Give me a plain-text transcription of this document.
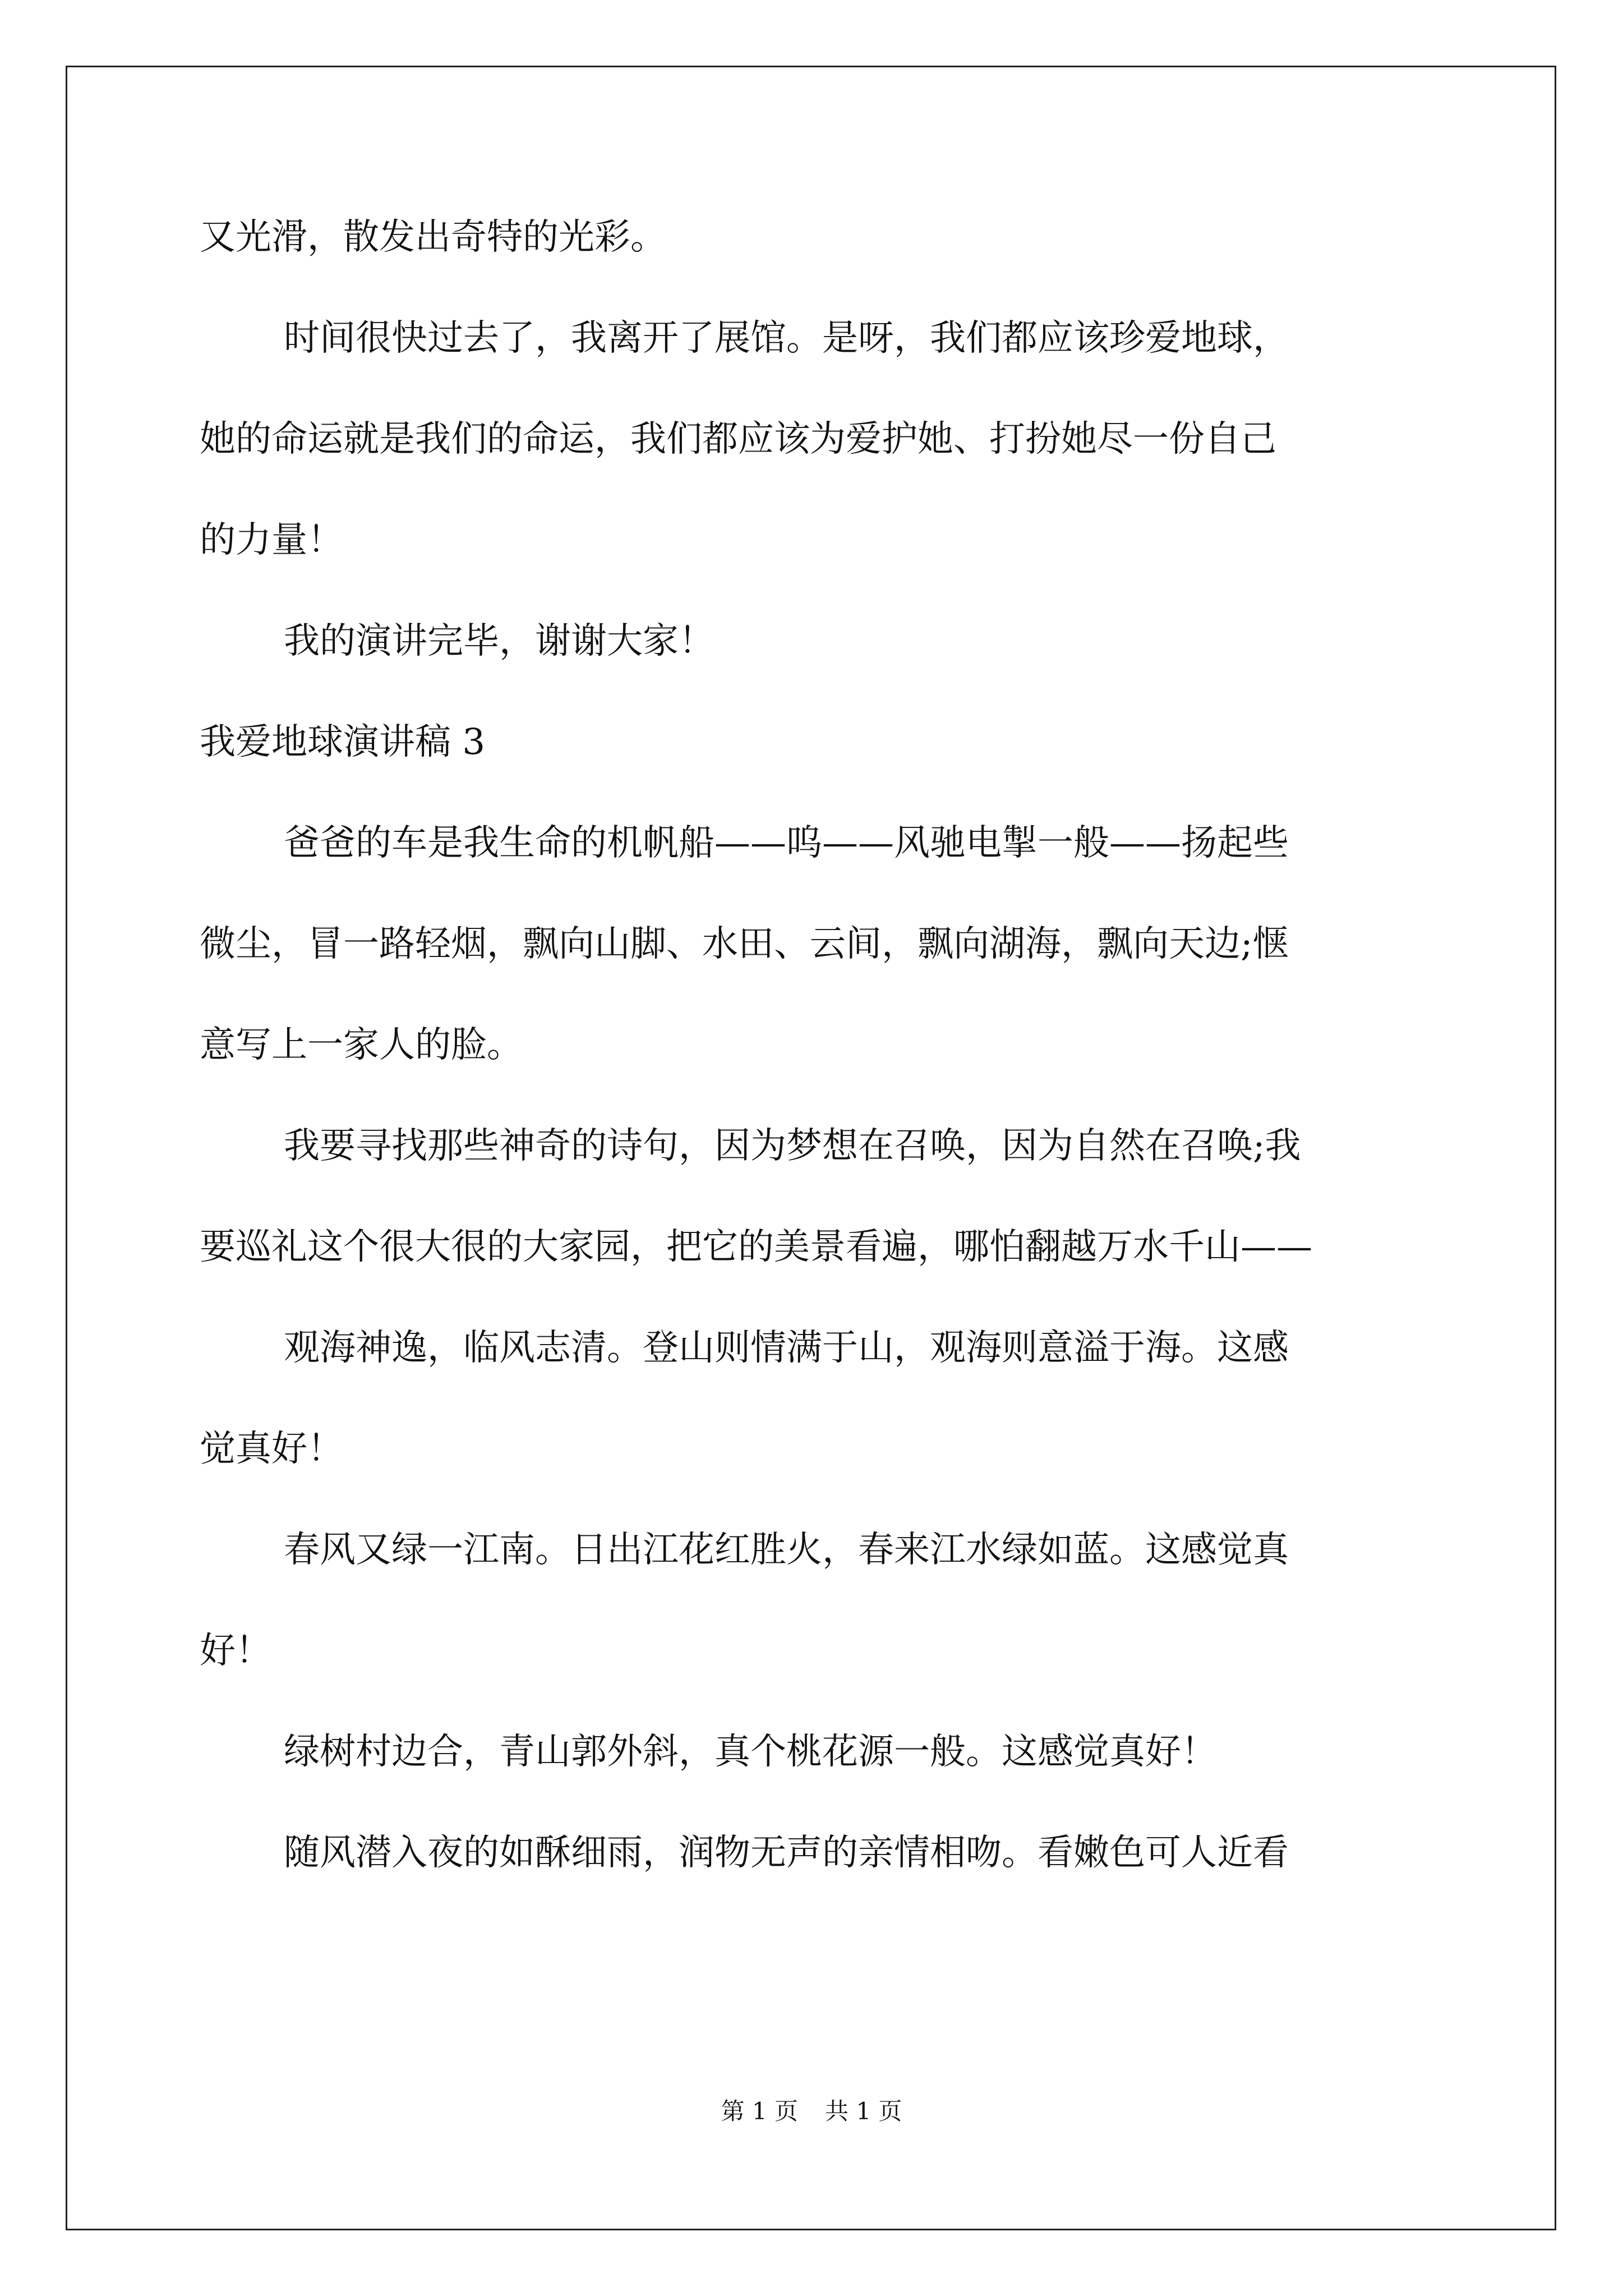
又光滑，散发出奇特的光彩。
时间很快过去了，我离开了展馆。是呀，我们都应该珍爱地球，
她的命运就是我们的命运，我们都应该为爱护她、打扮她尽一份自己
的力量！
我的演讲完毕，谢谢大家！
我爱地球演讲稿 3
爸爸的车是我生命的机帆船——呜——风驰电掣一般——扬起些
微尘，冒一路轻烟，飘向山脚、水田、云间，飘向湖海，飘向天边;惬
意写上一家人的脸。
我要寻找那些神奇的诗句，因为梦想在召唤，因为自然在召唤;我
要巡礼这个很大很的大家园，把它的美景看遍，哪怕翻越万水千山——
观海神逸，临风志清。登山则情满于山，观海则意溢于海。这感
觉真好！
春风又绿一江南。日出江花红胜火，春来江水绿如蓝。这感觉真
好！
绿树村边合，青山郭外斜，真个桃花源一般。这感觉真好！
随风潜入夜的如酥细雨，润物无声的亲情相吻。看嫩色可人近看
第 1 页 共 1 页
